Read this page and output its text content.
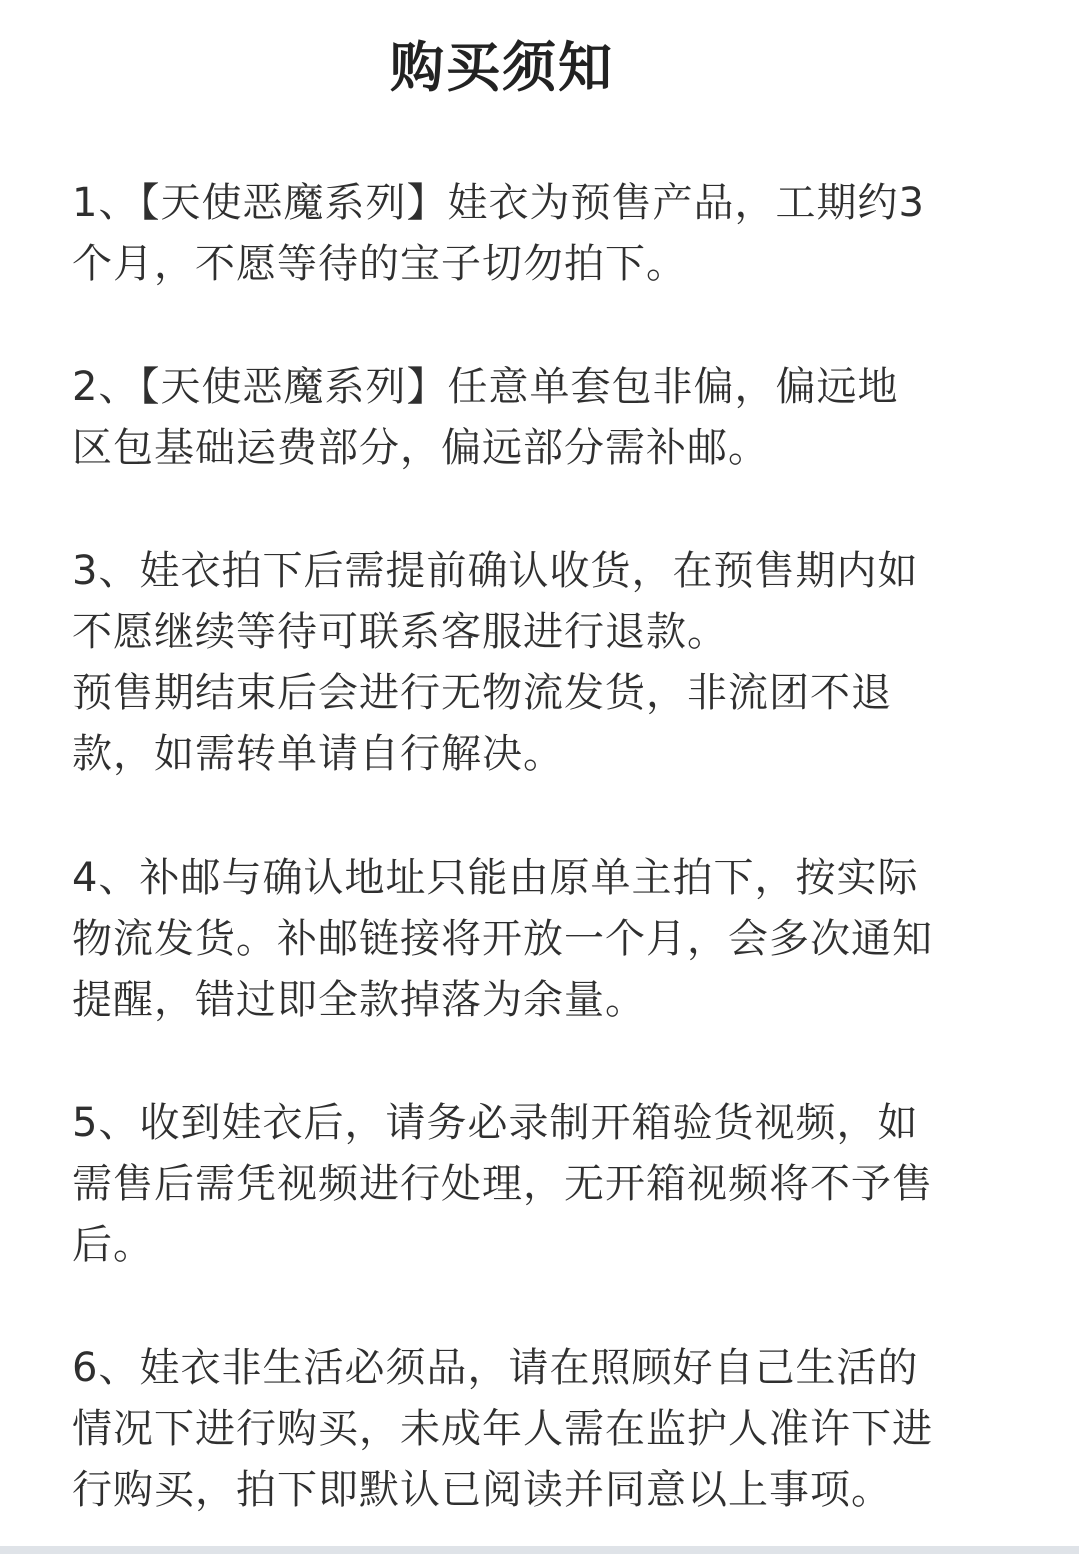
购买须知

1、【天使恶魔系列】娃衣为预售产品，工期约3
个月，不愿等待的宝子切勿拍下。

2、【天使恶魔系列】任意单套包非偏，偏远地
区包基础运费部分，偏远部分需补邮。

3、娃衣拍下后需提前确认收货，在预售期内如
不愿继续等待可联系客服进行退款。
预售期结束后会进行无物流发货，非流团不退
款，如需转单请自行解决。

4、补邮与确认地址只能由原单主拍下，按实际
物流发货。补邮链接将开放一个月，会多次通知
提醒，错过即全款掉落为余量。

5、收到娃衣后，请务必录制开箱验货视频，如
需售后需凭视频进行处理，无开箱视频将不予售
后。

6、娃衣非生活必须品，请在照顾好自己生活的
情况下进行购买，未成年人需在监护人准许下进
行购买，拍下即默认已阅读并同意以上事项。
